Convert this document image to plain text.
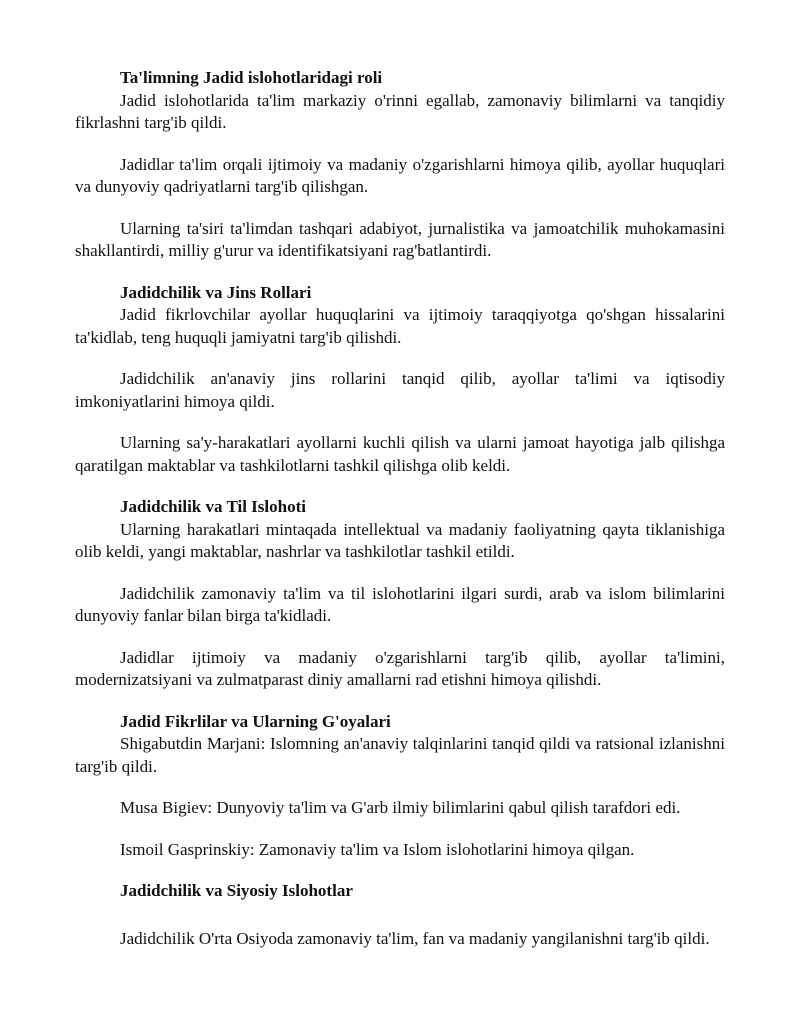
Ta'limning Jadid islohotlaridagi roli

Jadid islohotlarida ta'lim markaziy o'rinni egallab, zamonaviy bilimlarni va tanqidiy fikrlashni targ'ib qildi.

Jadidlar ta'lim orqali ijtimoiy va madaniy o'zgarishlarni himoya qilib, ayollar huquqlari va dunyoviy qadriyatlarni targ'ib qilishgan.

Ularning ta'siri ta'limdan tashqari adabiyot, jurnalistika va jamoatchilik muhokamasini shakllantirdi, milliy g'urur va identifikatsiyani rag'batlantirdi.

Jadidchilik va Jins Rollari

Jadid fikrlovchilar ayollar huquqlarini va ijtimoiy taraqqiyotga qo'shgan hissalarini ta'kidlab, teng huquqli jamiyatni targ'ib qilishdi.

Jadidchilik an'anaviy jins rollarini tanqid qilib, ayollar ta'limi va iqtisodiy imkoniyatlarini himoya qildi.

Ularning sa'y-harakatlari ayollarni kuchli qilish va ularni jamoat hayotiga jalb qilishga qaratilgan maktablar va tashkilotlarni tashkil qilishga olib keldi.

Jadidchilik va Til Islohoti

Ularning harakatlari mintaqada intellektual va madaniy faoliyatning qayta tiklanishiga olib keldi, yangi maktablar, nashrlar va tashkilotlar tashkil etildi.

Jadidchilik zamonaviy ta'lim va til islohotlarini ilgari surdi, arab va islom bilimlarini dunyoviy fanlar bilan birga ta'kidladi.

Jadidlar ijtimoiy va madaniy o'zgarishlarni targ'ib qilib, ayollar ta'limini, modernizatsiyani va zulmatparast diniy amallarni rad etishni himoya qilishdi.

Jadid Fikrlilar va Ularning G'oyalari

Shigabutdin Marjani: Islomning an'anaviy talqinlarini tanqid qildi va ratsional izlanishni targ'ib qildi.

Musa Bigiev: Dunyoviy ta'lim va G'arb ilmiy bilimlarini qabul qilish tarafdori edi.

Ismoil Gasprinskiy: Zamonaviy ta'lim va Islom islohotlarini himoya qilgan.

Jadidchilik va Siyosiy Islohotlar

Jadidchilik O'rta Osiyoda zamonaviy ta'lim, fan va madaniy yangilanishni targ'ib qildi.
